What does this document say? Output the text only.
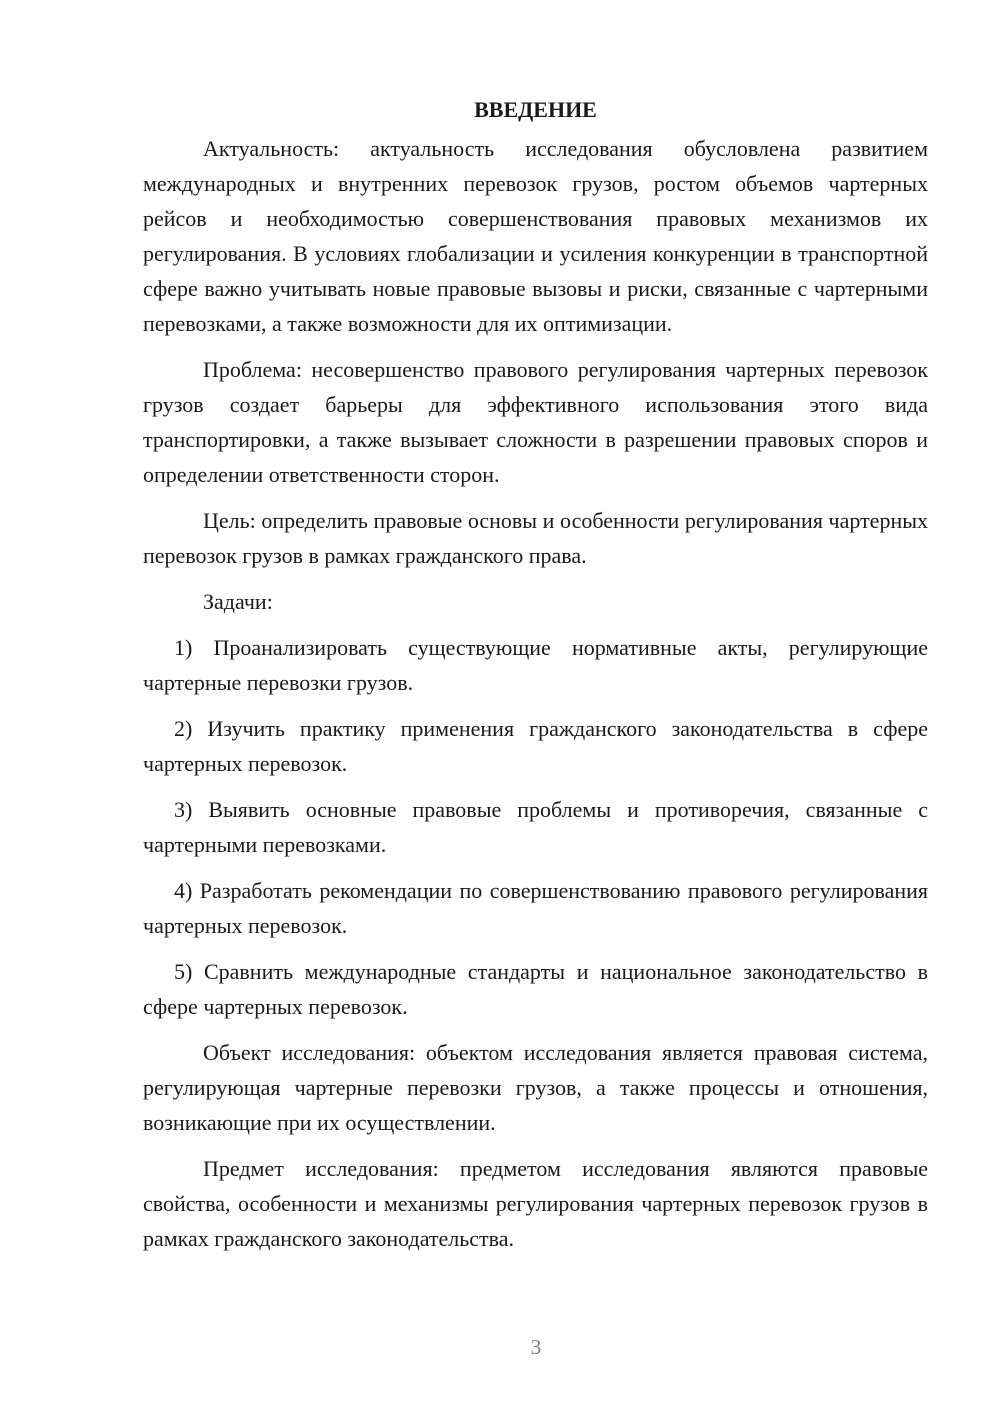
ВВЕДЕНИЕ

Актуальность: актуальность исследования обусловлена развитием международных и внутренних перевозок грузов, ростом объемов чартерных рейсов и необходимостью совершенствования правовых механизмов их регулирования. В условиях глобализации и усиления конкуренции в транспортной сфере важно учитывать новые правовые вызовы и риски, связанные с чартерными перевозками, а также возможности для их оптимизации.

Проблема: несовершенство правового регулирования чартерных перевозок грузов создает барьеры для эффективного использования этого вида транспортировки, а также вызывает сложности в разрешении правовых споров и определении ответственности сторон.

Цель: определить правовые основы и особенности регулирования чартерных перевозок грузов в рамках гражданского права.

Задачи:

1) Проанализировать существующие нормативные акты, регулирующие чартерные перевозки грузов.

2) Изучить практику применения гражданского законодательства в сфере чартерных перевозок.

3) Выявить основные правовые проблемы и противоречия, связанные с чартерными перевозками.

4) Разработать рекомендации по совершенствованию правового регулирования чартерных перевозок.

5) Сравнить международные стандарты и национальное законодательство в сфере чартерных перевозок.

Объект исследования: объектом исследования является правовая система, регулирующая чартерные перевозки грузов, а также процессы и отношения, возникающие при их осуществлении.

Предмет исследования: предметом исследования являются правовые свойства, особенности и механизмы регулирования чартерных перевозок грузов в рамках гражданского законодательства.

3
